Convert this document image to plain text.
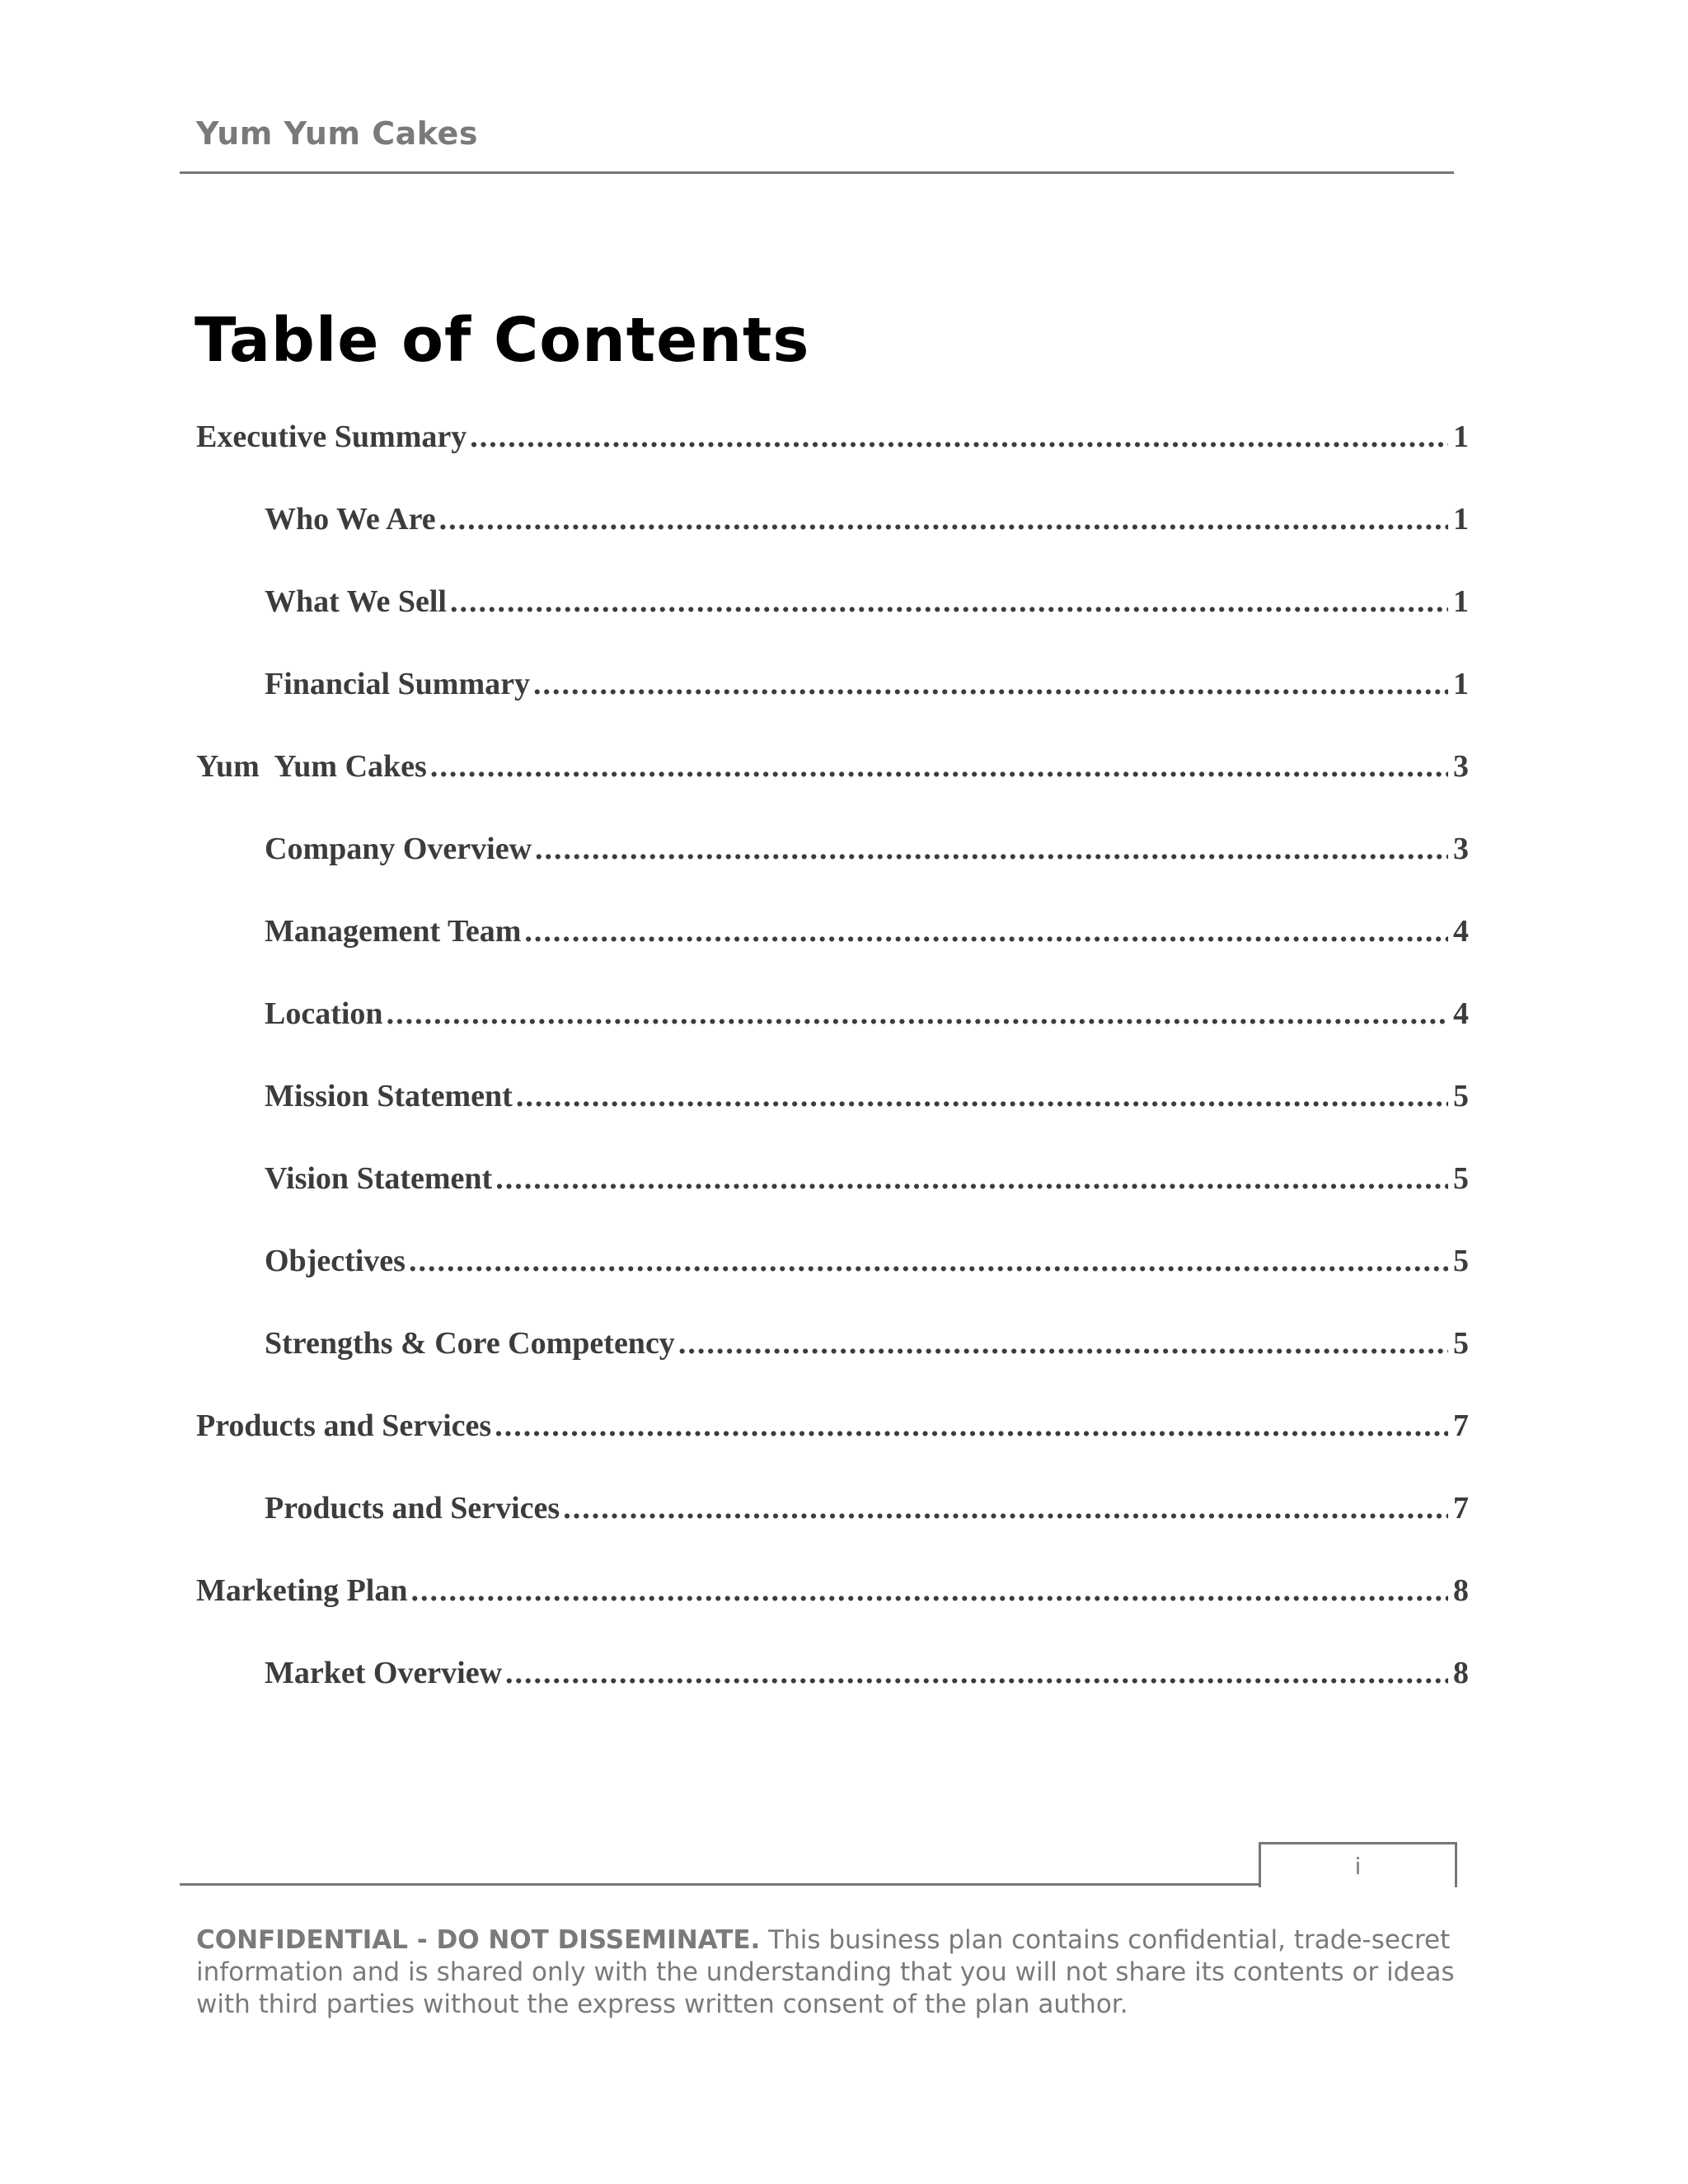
Yum Yum Cakes
Table of Contents
Executive Summary .....	1
Who We Are .....	1
What We Sell .....	1
Financial Summary .....	1
Yum  Yum Cakes .....	3
Company Overview .....	3
Management Team .....	4
Location .....	4
Mission Statement .....	5
Vision Statement .....	5
Objectives .....	5
Strengths & Core Competency .....	5
Products and Services .....	7
Products and Services .....	7
Marketing Plan .....	8
Market Overview .....	8
i
CONFIDENTIAL - DO NOT DISSEMINATE. This business plan contains confidential, trade-secret information and is shared only with the understanding that you will not share its contents or ideas with third parties without the express written consent of the plan author.
